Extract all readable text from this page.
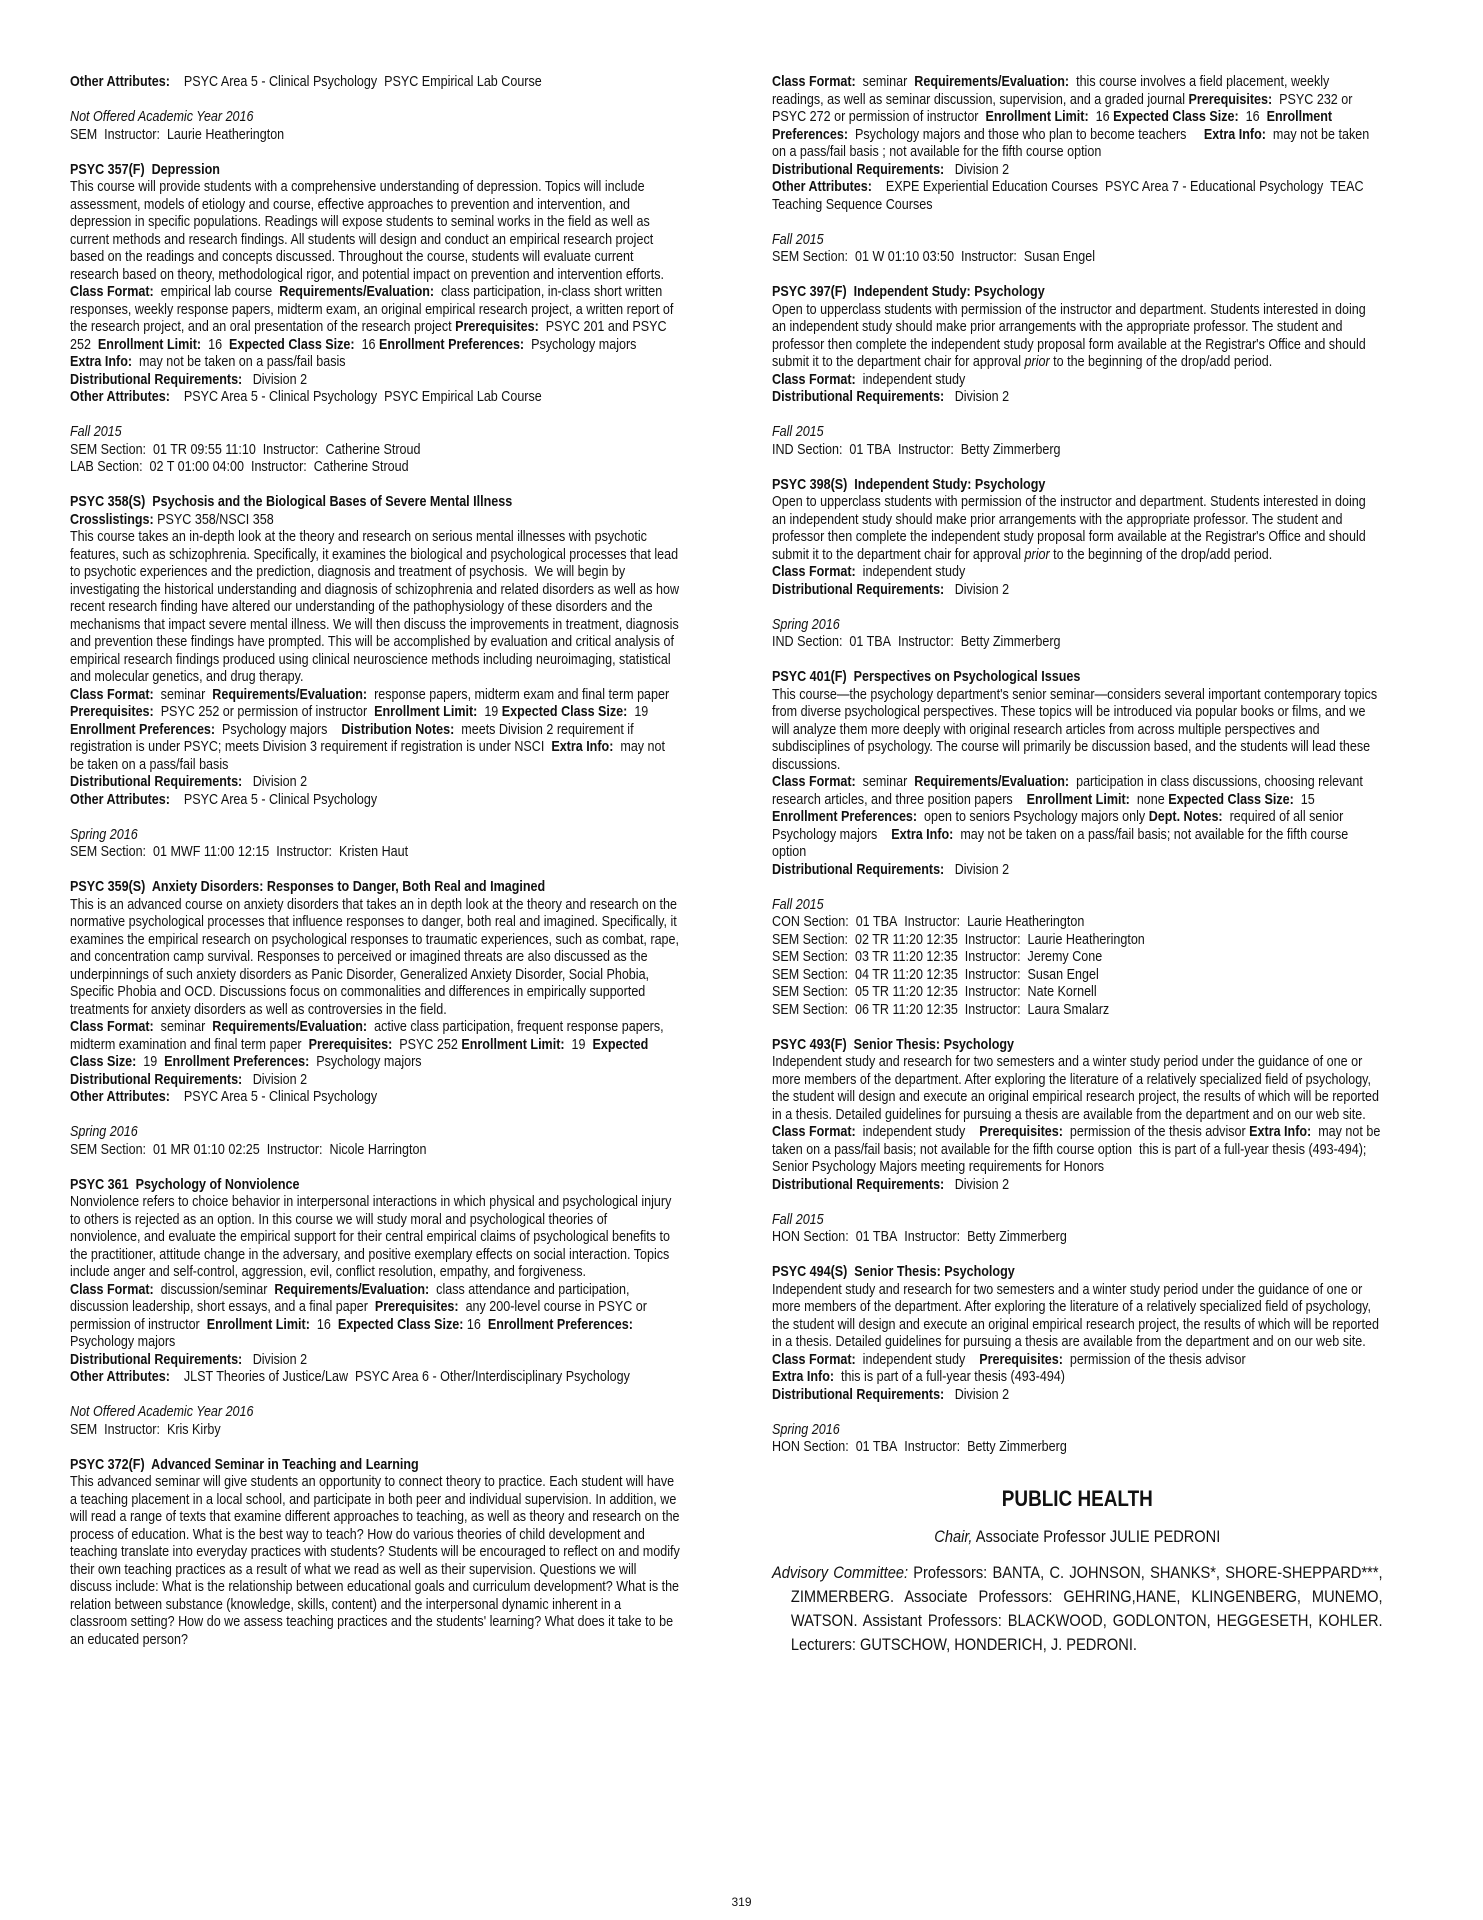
Other Attributes:    PSYC Area 5 - Clinical Psychology  PSYC Empirical Lab Course
Not Offered Academic Year 2016
SEM  Instructor:  Laurie Heatherington

PSYC 357(F)  Depression

This course will provide students with a comprehensive understanding of depression. Topics will include assessment, models of etiology and course, effective approaches to prevention and intervention, and depression in specific populations. Readings will expose students to seminal works in the field as well as current methods and research findings. All students will design and conduct an empirical research project based on the readings and concepts discussed. Throughout the course, students will evaluate current research based on theory, methodological rigor, and potential impact on prevention and intervention efforts.

Class Format:  empirical lab course  Requirements/Evaluation:  class participation, in-class short written responses, weekly response papers, midterm exam, an original empirical research project, a written report of the research project, and an oral presentation of the research project Prerequisites:  PSYC 201 and PSYC 252  Enrollment Limit:  16  Expected Class Size:  16 Enrollment Preferences:  Psychology majors     Extra Info:  may not be taken on a pass/fail basis

Distributional Requirements:   Division 2

Other Attributes:    PSYC Area 5 - Clinical Psychology  PSYC Empirical Lab Course

Fall 2015
SEM Section:  01 TR 09:55 11:10  Instructor:  Catherine Stroud
LAB Section:  02 T 01:00 04:00  Instructor:  Catherine Stroud

PSYC 358(S)  Psychosis and the Biological Bases of Severe Mental Illness

Crosslistings: PSYC 358/NSCI 358

This course takes an in-depth look at the theory and research on serious mental illnesses with psychotic features, such as schizophrenia. Specifically, it examines the biological and psychological processes that lead to psychotic experiences and the prediction, diagnosis and treatment of psychosis.  We will begin by investigating the historical understanding and diagnosis of schizophrenia and related disorders as well as how recent research finding have altered our understanding of the pathophysiology of these disorders and the mechanisms that impact severe mental illness. We will then discuss the improvements in treatment, diagnosis and prevention these findings have prompted. This will be accomplished by evaluation and critical analysis of empirical research findings produced using clinical neuroscience methods including neuroimaging, statistical and molecular genetics, and drug therapy.

Class Format:  seminar  Requirements/Evaluation:  response papers, midterm exam and final term paper  Prerequisites:  PSYC 252 or permission of instructor  Enrollment Limit:  19 Expected Class Size:  19  Enrollment Preferences:  Psychology majors    Distribution Notes:  meets Division 2 requirement if registration is under PSYC; meets Division 3 requirement if registration is under NSCI  Extra Info:  may not be taken on a pass/fail basis

Distributional Requirements:   Division 2

Other Attributes:    PSYC Area 5 - Clinical Psychology

Spring 2016
SEM Section:  01 MWF 11:00 12:15  Instructor:  Kristen Haut

PSYC 359(S)  Anxiety Disorders: Responses to Danger, Both Real and Imagined

This is an advanced course on anxiety disorders that takes an in depth look at the theory and research on the normative psychological processes that influence responses to danger, both real and imagined. Specifically, it examines the empirical research on psychological responses to traumatic experiences, such as combat, rape, and concentration camp survival. Responses to perceived or imagined threats are also discussed as the underpinnings of such anxiety disorders as Panic Disorder, Generalized Anxiety Disorder, Social Phobia, Specific Phobia and OCD. Discussions focus on commonalities and differences in empirically supported treatments for anxiety disorders as well as controversies in the field.

Class Format:  seminar  Requirements/Evaluation:  active class participation, frequent response papers, midterm examination and final term paper  Prerequisites:  PSYC 252 Enrollment Limit:  19  Expected Class Size:  19  Enrollment Preferences:  Psychology majors

Distributional Requirements:   Division 2

Other Attributes:    PSYC Area 5 - Clinical Psychology

Spring 2016
SEM Section:  01 MR 01:10 02:25  Instructor:  Nicole Harrington

PSYC 361  Psychology of Nonviolence

Nonviolence refers to choice behavior in interpersonal interactions in which physical and psychological injury to others is rejected as an option. In this course we will study moral and psychological theories of nonviolence, and evaluate the empirical support for their central empirical claims of psychological benefits to the practitioner, attitude change in the adversary, and positive exemplary effects on social interaction. Topics include anger and self-control, aggression, evil, conflict resolution, empathy, and forgiveness.

Class Format:  discussion/seminar  Requirements/Evaluation:  class attendance and participation, discussion leadership, short essays, and a final paper  Prerequisites:  any 200-level course in PSYC or permission of instructor  Enrollment Limit:  16  Expected Class Size: 16  Enrollment Preferences:  Psychology majors

Distributional Requirements:   Division 2

Other Attributes:    JLST Theories of Justice/Law  PSYC Area 6 - Other/Interdisciplinary Psychology

Not Offered Academic Year 2016
SEM  Instructor:  Kris Kirby

PSYC 372(F)  Advanced Seminar in Teaching and Learning

This advanced seminar will give students an opportunity to connect theory to practice. Each student will have a teaching placement in a local school, and participate in both peer and individual supervision. In addition, we will read a range of texts that examine different approaches to teaching, as well as theory and research on the process of education. What is the best way to teach? How do various theories of child development and teaching translate into everyday practices with students? Students will be encouraged to reflect on and modify their own teaching practices as a result of what we read as well as their supervision. Questions we will discuss include: What is the relationship between educational goals and curriculum development? What is the relation between substance (knowledge, skills, content) and the interpersonal dynamic inherent in a classroom setting? How do we assess teaching practices and the students' learning? What does it take to be an educated person?

Class Format:  seminar  Requirements/Evaluation:  this course involves a field placement, weekly readings, as well as seminar discussion, supervision, and a graded journal Prerequisites:  PSYC 232 or PSYC 272 or permission of instructor  Enrollment Limit:  16 Expected Class Size:  16  Enrollment Preferences:  Psychology majors and those who plan to become teachers     Extra Info:  may not be taken on a pass/fail basis ; not available for the fifth course option
Distributional Requirements:   Division 2
Other Attributes:    EXPE Experiential Education Courses  PSYC Area 7 - Educational Psychology  TEAC Teaching Sequence Courses
Fall 2015
SEM Section:  01 W 01:10 03:50  Instructor:  Susan Engel

PSYC 397(F)  Independent Study: Psychology

Open to upperclass students with permission of the instructor and department. Students interested in doing an independent study should make prior arrangements with the appropriate professor. The student and professor then complete the independent study proposal form available at the Registrar's Office and should submit it to the department chair for approval prior to the beginning of the drop/add period.

Class Format:  independent study

Distributional Requirements:   Division 2

Fall 2015
IND Section:  01 TBA  Instructor:  Betty Zimmerberg

PSYC 398(S)  Independent Study: Psychology

Open to upperclass students with permission of the instructor and department. Students interested in doing an independent study should make prior arrangements with the appropriate professor. The student and professor then complete the independent study proposal form available at the Registrar's Office and should submit it to the department chair for approval prior to the beginning of the drop/add period.

Class Format:  independent study

Distributional Requirements:   Division 2

Spring 2016
IND Section:  01 TBA  Instructor:  Betty Zimmerberg

PSYC 401(F)  Perspectives on Psychological Issues

This course—the psychology department's senior seminar—considers several important contemporary topics from diverse psychological perspectives. These topics will be introduced via popular books or films, and we will analyze them more deeply with original research articles from across multiple perspectives and subdisciplines of psychology. The course will primarily be discussion based, and the students will lead these discussions.

Class Format:  seminar  Requirements/Evaluation:  participation in class discussions, choosing relevant research articles, and three position papers    Enrollment Limit:  none Expected Class Size:  15  Enrollment Preferences:  open to seniors Psychology majors only Dept. Notes:  required of all senior Psychology majors    Extra Info:  may not be taken on a pass/fail basis; not available for the fifth course option

Distributional Requirements:   Division 2

Fall 2015
CON Section:  01 TBA  Instructor:  Laurie Heatherington
SEM Section:  02 TR 11:20 12:35  Instructor:  Laurie Heatherington
SEM Section:  03 TR 11:20 12:35  Instructor:  Jeremy Cone
SEM Section:  04 TR 11:20 12:35  Instructor:  Susan Engel
SEM Section:  05 TR 11:20 12:35  Instructor:  Nate Kornell
SEM Section:  06 TR 11:20 12:35  Instructor:  Laura Smalarz

PSYC 493(F)  Senior Thesis: Psychology

Independent study and research for two semesters and a winter study period under the guidance of one or more members of the department. After exploring the literature of a relatively specialized field of psychology, the student will design and execute an original empirical research project, the results of which will be reported in a thesis. Detailed guidelines for pursuing a thesis are available from the department and on our web site.

Class Format:  independent study    Prerequisites:  permission of the thesis advisor Extra Info:  may not be taken on a pass/fail basis; not available for the fifth course option  this is part of a full-year thesis (493-494);  Senior Psychology Majors meeting requirements for Honors

Distributional Requirements:   Division 2

Fall 2015
HON Section:  01 TBA  Instructor:  Betty Zimmerberg

PSYC 494(S)  Senior Thesis: Psychology

Independent study and research for two semesters and a winter study period under the guidance of one or more members of the department. After exploring the literature of a relatively specialized field of psychology, the student will design and execute an original empirical research project, the results of which will be reported in a thesis. Detailed guidelines for pursuing a thesis are available from the department and on our web site.

Class Format:  independent study    Prerequisites:  permission of the thesis advisor

Extra Info:  this is part of a full-year thesis (493-494)

Distributional Requirements:   Division 2

Spring 2016
HON Section:  01 TBA  Instructor:  Betty Zimmerberg

PUBLIC HEALTH

Chair, Associate Professor JULIE PEDRONI

Advisory Committee: Professors: BANTA, C. JOHNSON, SHANKS*, SHORE-SHEPPARD***, ZIMMERBERG. Associate Professors: GEHRING,HANE, KLINGENBERG, MUNEMO, WATSON. Assistant Professors: BLACKWOOD, GODLONTON, HEGGESETH, KOHLER. Lecturers: GUTSCHOW, HONDERICH, J. PEDRONI.

319
